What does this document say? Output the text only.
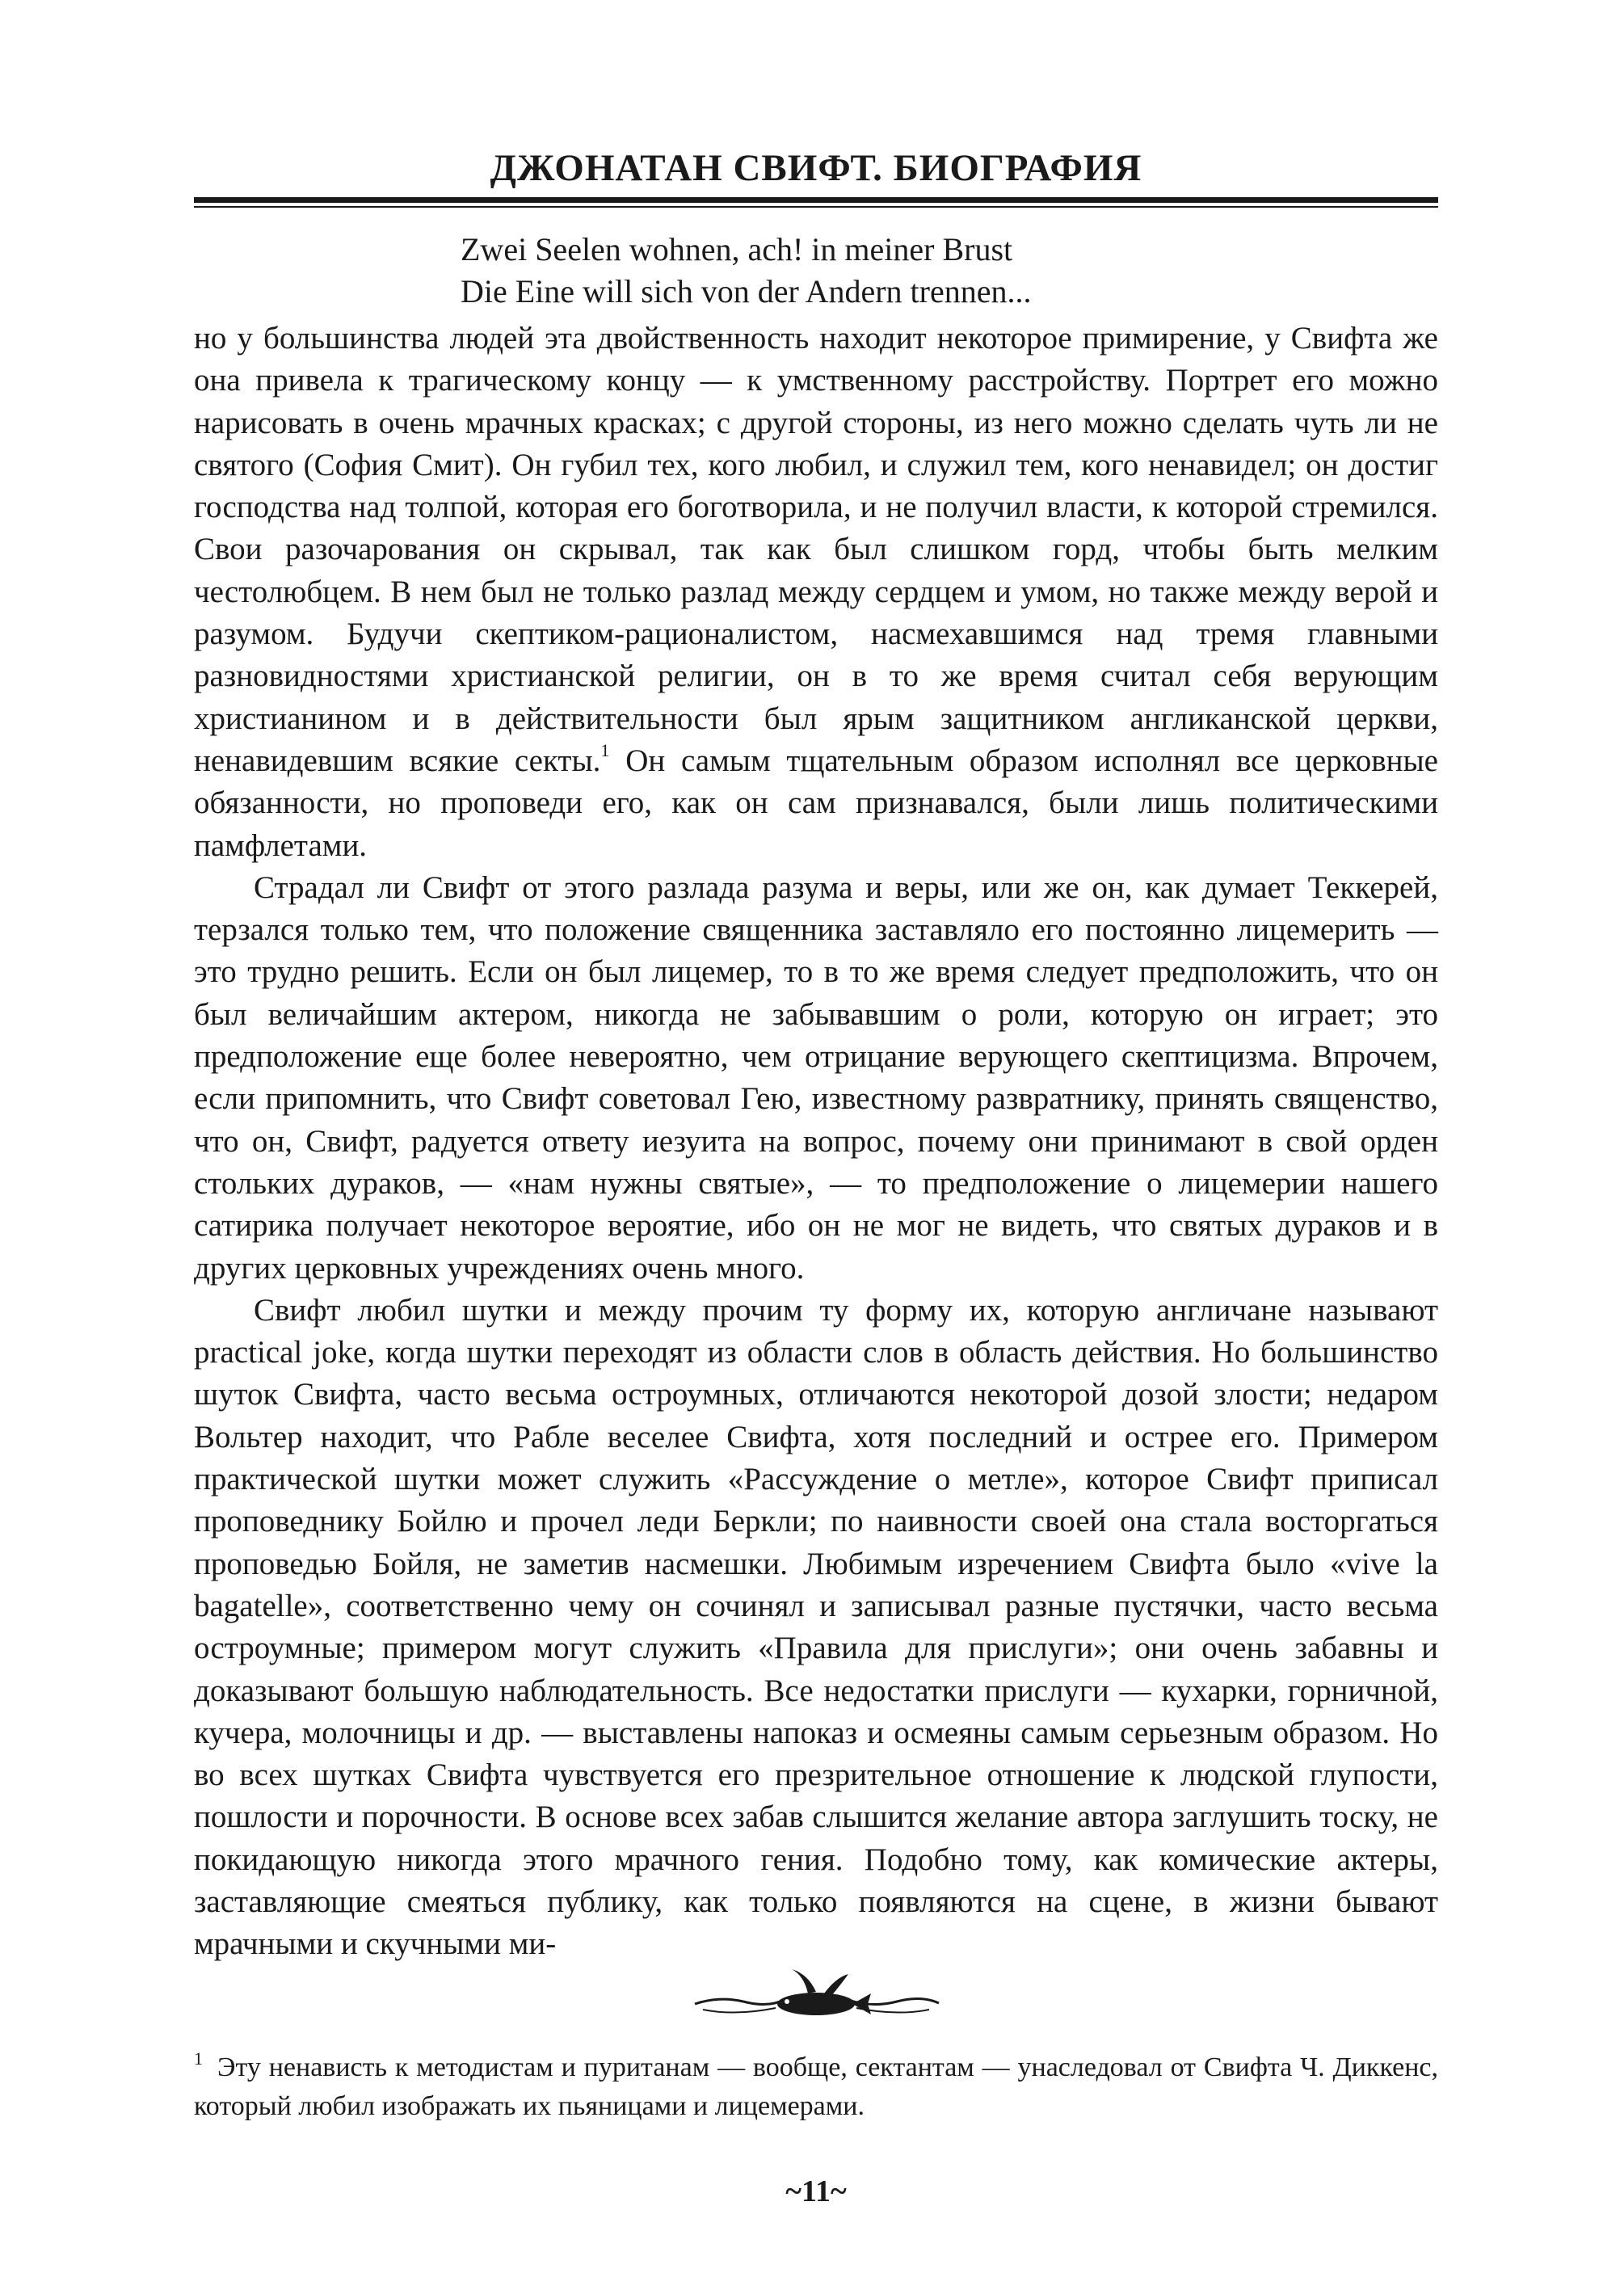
ДЖОНАТАН СВИФТ. БИОГРАФИЯ
Zwei Seelen wohnen, ach! in meiner Brust
Die Eine will sich von der Andern trennen...

но у большинства людей эта двойственность находит некоторое примирение, у Свифта же она привела к трагическому концу — к умственному расстройству. Портрет его можно нарисовать в очень мрачных красках; с другой стороны, из него можно сделать чуть ли не святого (София Смит). Он губил тех, кого любил, и служил тем, кого ненавидел; он достиг господства над толпой, которая его боготворила, и не получил власти, к которой стремился. Свои разочарования он скрывал, так как был слишком горд, чтобы быть мелким честолюбцем. В нем был не только разлад между сердцем и умом, но также между верой и разумом. Будучи скептиком-рационалистом, насмехавшимся над тремя главными разновидностями христианской религии, он в то же время считал себя верующим христианином и в действительности был ярым защитником англиканской церкви, ненавидевшим всякие секты.$^1$ Он самым тщательным образом исполнял все церковные обязанности, но проповеди его, как он сам признавался, были лишь политическими памфлетами.

Страдал ли Свифт от этого разлада разума и веры, или же он, как думает Теккерей, терзался только тем, что положение священника заставляло его постоянно лицемерить — это трудно решить. Если он был лицемер, то в то же время следует предположить, что он был величайшим актером, никогда не забывавшим о роли, которую он играет; это предположение еще более невероятно, чем отрицание верующего скептицизма. Впрочем, если припомнить, что Свифт советовал Гею, известному развратнику, принять священство, что он, Свифт, радуется ответу иезуита на вопрос, почему они принимают в свой орден стольких дураков, — «нам нужны святые», — то предположение о лицемерии нашего сатирика получает некоторое вероятие, ибо он не мог не видеть, что святых дураков и в других церковных учреждениях очень много.

Свифт любил шутки и между прочим ту форму их, которую англичане называют practical joke, когда шутки переходят из области слов в область действия. Но большинство шуток Свифта, часто весьма остроумных, отличаются некоторой дозой злости; недаром Вольтер находит, что Рабле веселее Свифта, хотя последний и острее его. Примером практической шутки может служить «Рассуждение о метле», которое Свифт приписал проповеднику Бойлю и прочел леди Беркли; по наивности своей она стала восторгаться проповедью Бойля, не заметив насмешки. Любимым изречением Свифта было «vive la bagatelle», соответственно чему он сочинял и записывал разные пустячки, часто весьма остроумные; примером могут служить «Правила для прислуги»; они очень забавны и доказывают большую наблюдательность. Все недостатки прислуги — кухарки, горничной, кучера, молочницы и др. — выставлены напоказ и осмеяны самым серьезным образом. Но во всех шутках Свифта чувствуется его презрительное отношение к людской глупости, пошлости и порочности. В основе всех забав слышится желание автора заглушить тоску, не покидающую никогда этого мрачного гения. Подобно тому, как комические актеры, заставляющие смеяться публику, как только появляются на сцене, в жизни бывают мрачными и скучными ми-

$^1$ Эту ненависть к методистам и пуританам — вообще, сектантам — унаследовал от Свифта Ч. Диккенс, который любил изображать их пьяницами и лицемерами.
~11~
